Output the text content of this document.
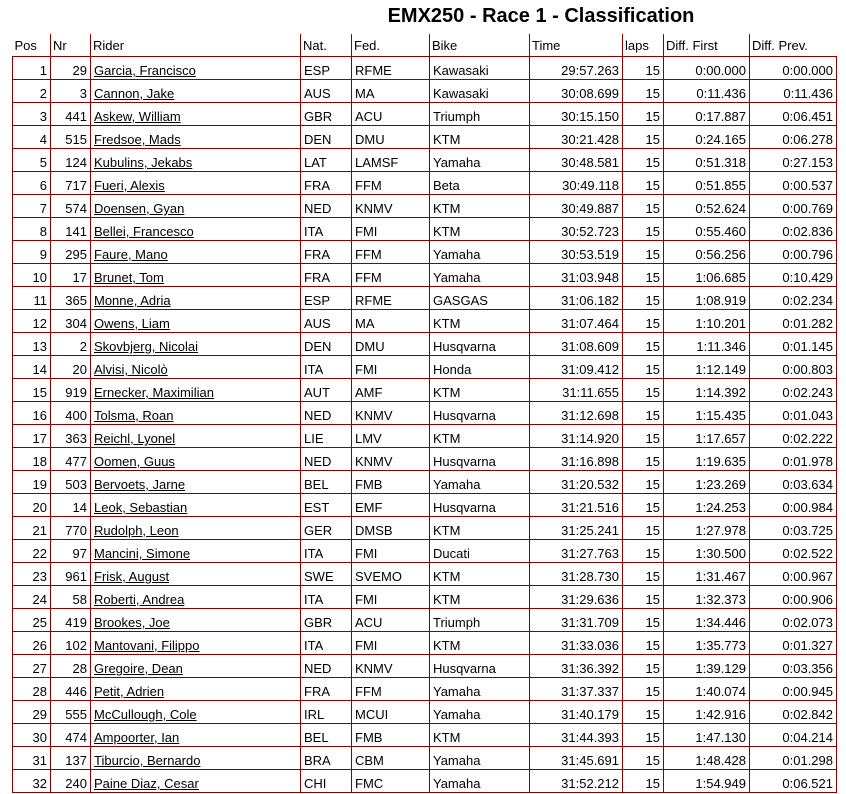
EMX250 - Race 1 - Classification
Pos	Nr	Rider	Nat.	Fed.	Bike	Time	laps	Diff. First	Diff. Prev.
1	29	Garcia, Francisco	ESP	RFME	Kawasaki	29:57.263	15	0:00.000	0:00.000
2	3	Cannon, Jake	AUS	MA	Kawasaki	30:08.699	15	0:11.436	0:11.436
3	441	Askew, William	GBR	ACU	Triumph	30:15.150	15	0:17.887	0:06.451
4	515	Fredsoe, Mads	DEN	DMU	KTM	30:21.428	15	0:24.165	0:06.278
5	124	Kubulins, Jekabs	LAT	LAMSF	Yamaha	30:48.581	15	0:51.318	0:27.153
6	717	Fueri, Alexis	FRA	FFM	Beta	30:49.118	15	0:51.855	0:00.537
7	574	Doensen, Gyan	NED	KNMV	KTM	30:49.887	15	0:52.624	0:00.769
8	141	Bellei, Francesco	ITA	FMI	KTM	30:52.723	15	0:55.460	0:02.836
9	295	Faure, Mano	FRA	FFM	Yamaha	30:53.519	15	0:56.256	0:00.796
10	17	Brunet, Tom	FRA	FFM	Yamaha	31:03.948	15	1:06.685	0:10.429
11	365	Monne, Adria	ESP	RFME	GASGAS	31:06.182	15	1:08.919	0:02.234
12	304	Owens, Liam	AUS	MA	KTM	31:07.464	15	1:10.201	0:01.282
13	2	Skovbjerg, Nicolai	DEN	DMU	Husqvarna	31:08.609	15	1:11.346	0:01.145
14	20	Alvisi, Nicolò	ITA	FMI	Honda	31:09.412	15	1:12.149	0:00.803
15	919	Ernecker, Maximilian	AUT	AMF	KTM	31:11.655	15	1:14.392	0:02.243
16	400	Tolsma, Roan	NED	KNMV	Husqvarna	31:12.698	15	1:15.435	0:01.043
17	363	Reichl, Lyonel	LIE	LMV	KTM	31:14.920	15	1:17.657	0:02.222
18	477	Oomen, Guus	NED	KNMV	Husqvarna	31:16.898	15	1:19.635	0:01.978
19	503	Bervoets, Jarne	BEL	FMB	Yamaha	31:20.532	15	1:23.269	0:03.634
20	14	Leok, Sebastian	EST	EMF	Husqvarna	31:21.516	15	1:24.253	0:00.984
21	770	Rudolph, Leon	GER	DMSB	KTM	31:25.241	15	1:27.978	0:03.725
22	97	Mancini, Simone	ITA	FMI	Ducati	31:27.763	15	1:30.500	0:02.522
23	961	Frisk, August	SWE	SVEMO	KTM	31:28.730	15	1:31.467	0:00.967
24	58	Roberti, Andrea	ITA	FMI	KTM	31:29.636	15	1:32.373	0:00.906
25	419	Brookes, Joe	GBR	ACU	Triumph	31:31.709	15	1:34.446	0:02.073
26	102	Mantovani, Filippo	ITA	FMI	KTM	31:33.036	15	1:35.773	0:01.327
27	28	Gregoire, Dean	NED	KNMV	Husqvarna	31:36.392	15	1:39.129	0:03.356
28	446	Petit, Adrien	FRA	FFM	Yamaha	31:37.337	15	1:40.074	0:00.945
29	555	McCullough, Cole	IRL	MCUI	Yamaha	31:40.179	15	1:42.916	0:02.842
30	474	Ampoorter, Ian	BEL	FMB	KTM	31:44.393	15	1:47.130	0:04.214
31	137	Tiburcio, Bernardo	BRA	CBM	Yamaha	31:45.691	15	1:48.428	0:01.298
32	240	Paine Diaz, Cesar	CHI	FMC	Yamaha	31:52.212	15	1:54.949	0:06.521
